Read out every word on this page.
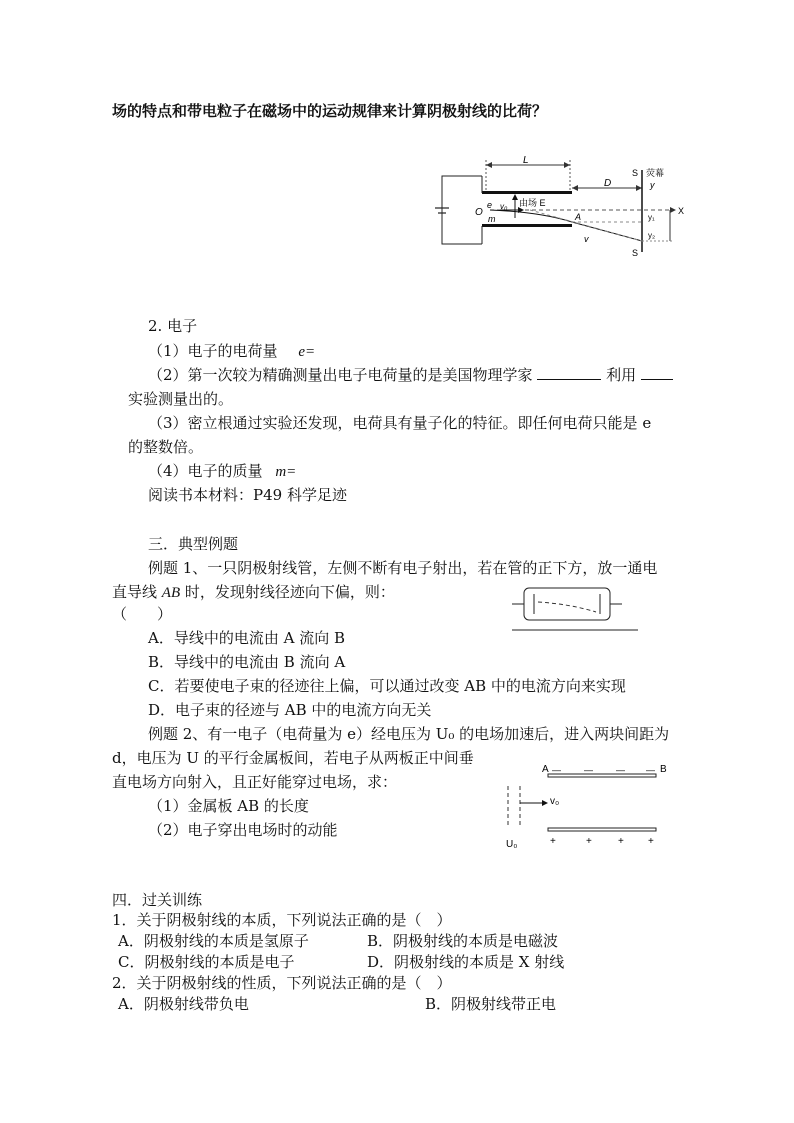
场的特点和带电粒子在磁场中的运动规律来计算阴极射线的比荷？
L
D
S
S
荧幕
y
X
O
e v₀
m
由场 E
A
v
y₁
y₂
2. 电子
（1）电子的电荷量 e=
（2）第一次较为精确测量出电子电荷量的是美国物理学家	利用
实验测量出的。
（3）密立根通过实验还发现，电荷具有量子化的特征。即任何电荷只能是 e
的整数倍。
（4）电子的质量 m=
阅读书本材料：P49 科学足迹
三．典型例题
例题 1、一只阴极射线管，左侧不断有电子射出，若在管的正下方，放一通电
直导线 AB 时，发现射线径迹向下偏，则：
（　　）
A．导线中的电流由 A 流向 B
B．导线中的电流由 B 流向 A
C．若要使电子束的径迹往上偏，可以通过改变 AB 中的电流方向来实现
D．电子束的径迹与 AB 中的电流方向无关
例题 2、有一电子（电荷量为 e）经电压为 U₀ 的电场加速后，进入两块间距为
d，电压为 U 的平行金属板间，若电子从两板正中间垂
直电场方向射入，且正好能穿过电场，求：
（1）金属板 AB 的长度
（2）电子穿出电场时的动能
A	B
—	—	— —
v₀
U₀	+	+	+ +
四．过关训练
1．关于阴极射线的本质，下列说法正确的是（　）
A．阴极射线的本质是氢原子	B．阴极射线的本质是电磁波
C．阴极射线的本质是电子	D．阴极射线的本质是 X 射线
2．关于阴极射线的性质，下列说法正确的是（　）
A．阴极射线带负电	B．阴极射线带正电
